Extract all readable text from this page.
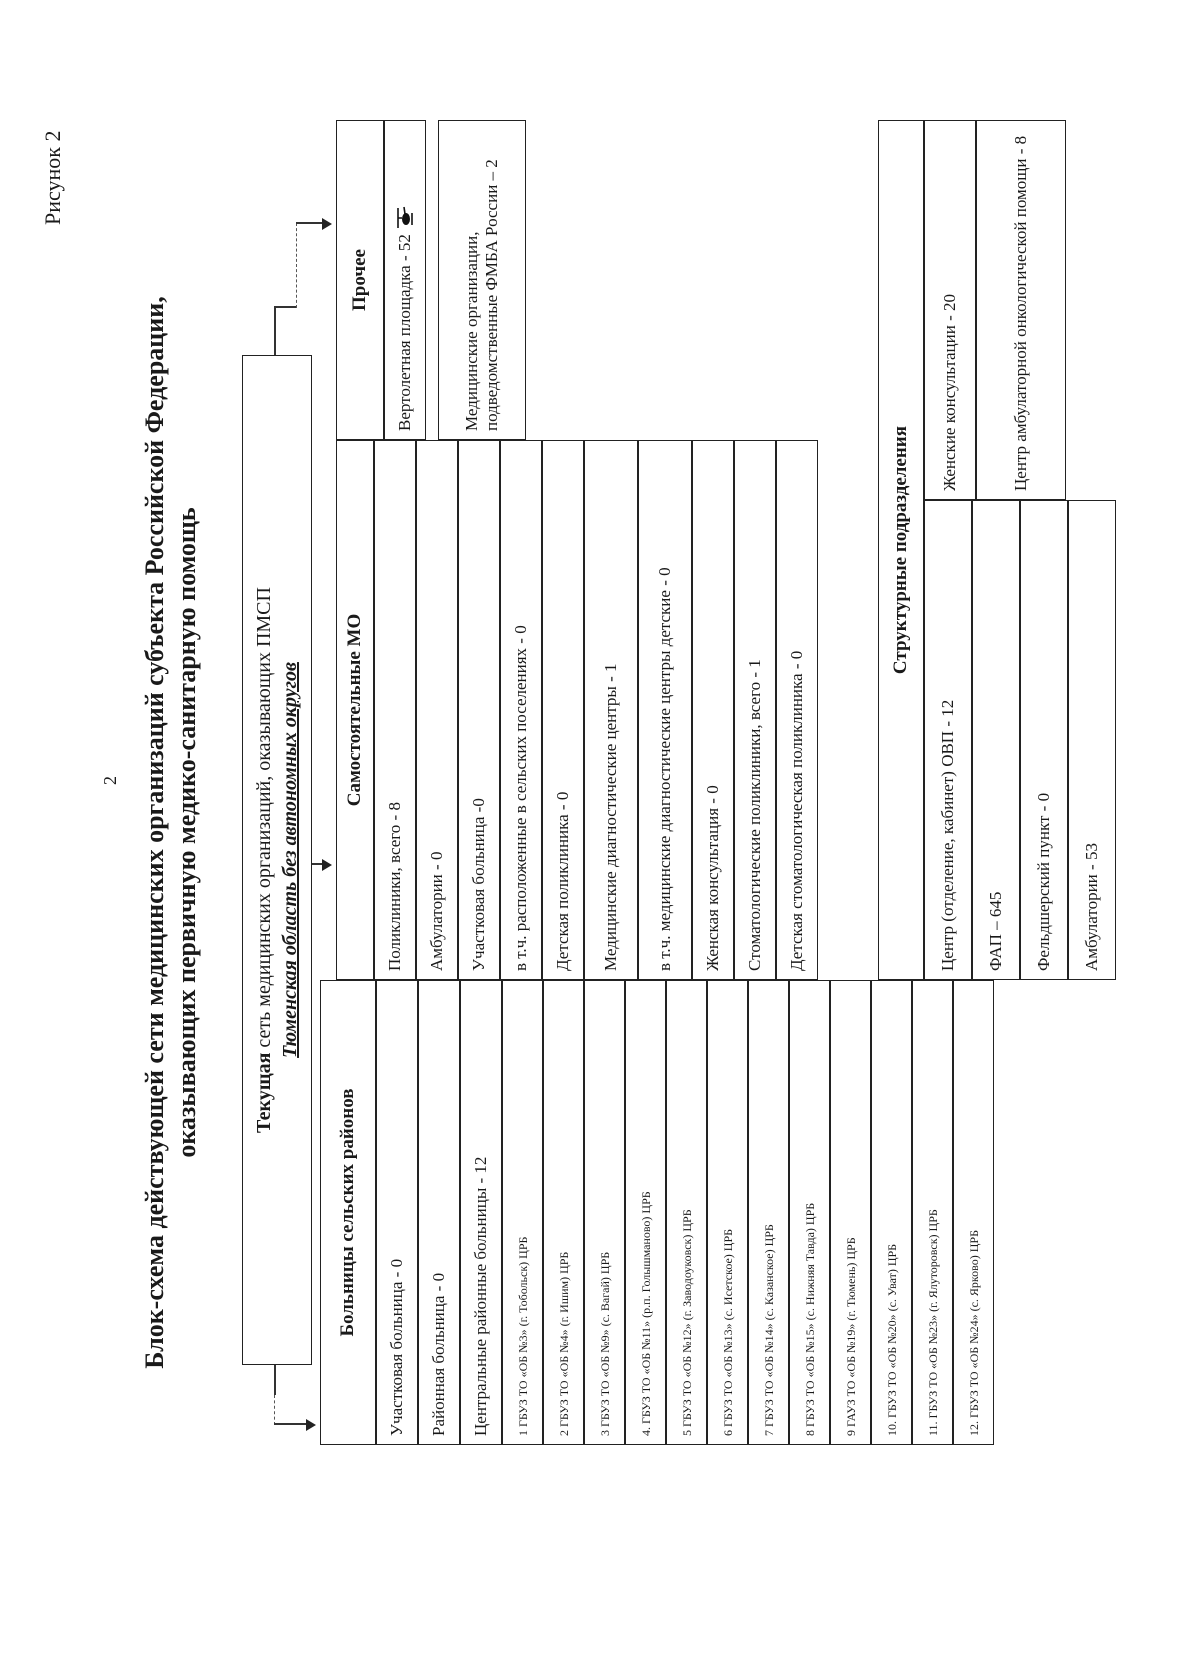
Рисунок 2
2 Блок-схема действующей сети медицинских организаций субъекта Российской Федерации, оказывающих первичную медико-санитарную помощь	Текущая сеть медицинских организаций, оказывающих ПМСП Тюменская область без автономных округов
Больницы сельских районов
Участковая больница - 0	Районная больница - 0	Центральные районные больницы - 12	1 ГБУЗ ТО «ОБ №3» (г. Тобольск) ЦРБ	2 ГБУЗ ТО «ОБ №4» (г. Ишим) ЦРБ	3 ГБУЗ ТО «ОБ №9» (с. Вагай) ЦРБ	4. ГБУЗ ТО «ОБ №11» (р.п. Голышманово) ЦРБ	5 ГБУЗ ТО «ОБ №12» (г. Заводоуковск) ЦРБ	6 ГБУЗ ТО «ОБ №13» (с. Исетское) ЦРБ	7 ГБУЗ ТО «ОБ №14» (с. Казанское) ЦРБ	8 ГБУЗ ТО «ОБ №15» (с. Нижняя Тавда) ЦРБ	9 ГАУЗ ТО «ОБ №19» (г. Тюмень) ЦРБ	10. ГБУЗ ТО «ОБ №20» (с. Уват) ЦРБ	11. ГБУЗ ТО «ОБ №23» (г. Ялуторовск) ЦРБ	12. ГБУЗ ТО «ОБ №24» (с. Ярково) ЦРБ
Самостоятельные МО
Поликлиники, всего - 8	Амбулатории - 0	Участковая больница -0	в т.ч. расположенные в сельских поселениях - 0	Детская поликлиника - 0	Медицинские диагностические центры - 1	в т.ч. медицинские диагностические центры детские - 0	Женская консультация - 0	Стоматологические поликлиники, всего - 1	Детская стоматологическая поликлиника - 0
Структурные подразделения
Центр (отделение, кабинет) ОВП - 12	ФАП – 645	Фельдшерский пункт - 0	Амбулатории - 53
Женские консультации - 20	Центр амбулаторной онкологической помощи - 8
Прочее	Вертолетная площадка - 52	Медицинские организации, подведомственные ФМБА России – 2
